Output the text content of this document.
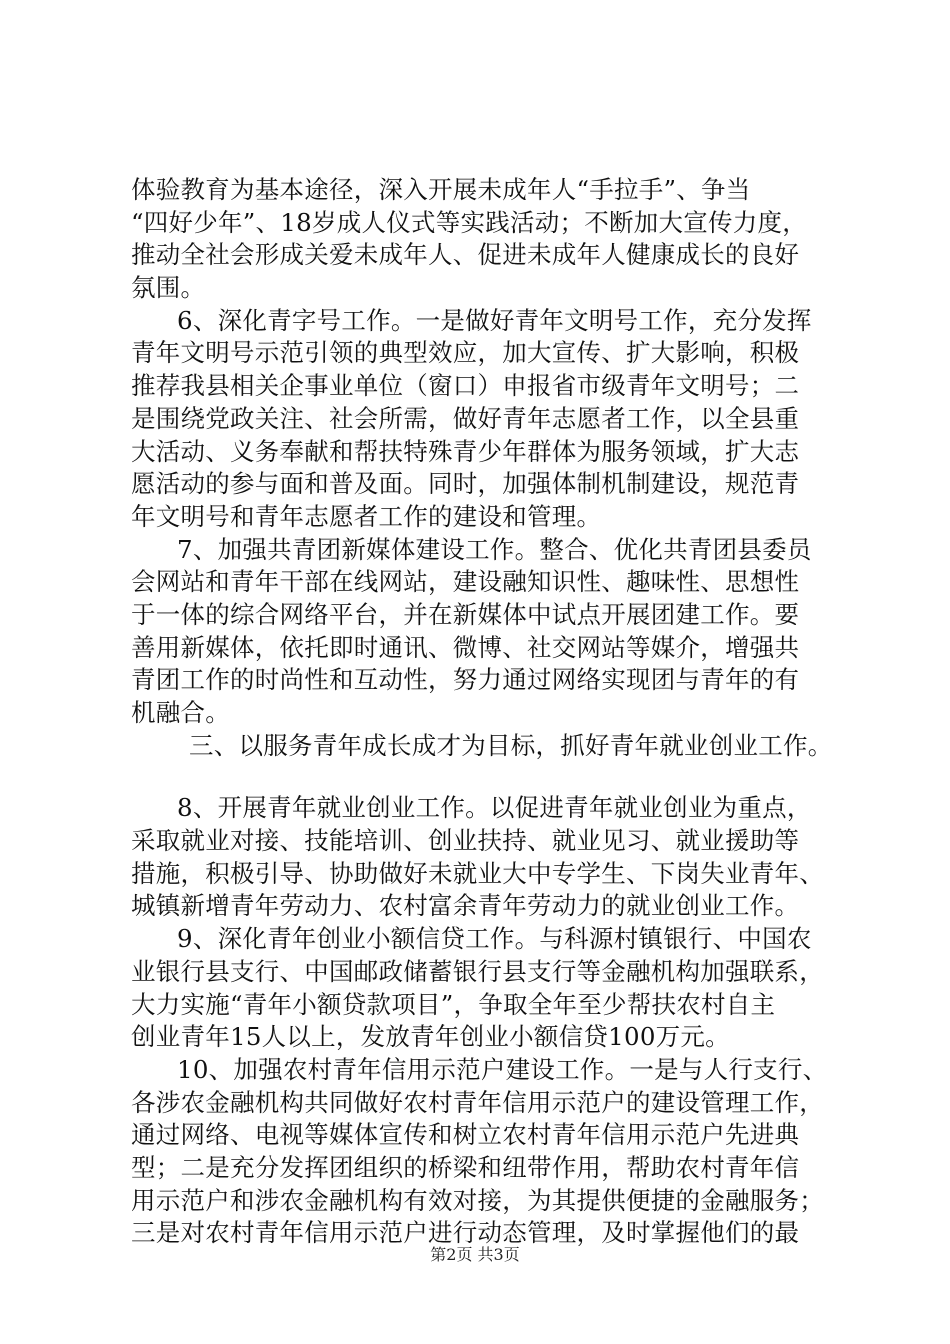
体验教育为基本途径，深入开展未成年人“手拉手”、争当
“四好少年”、18岁成人仪式等实践活动；不断加大宣传力度，
推动全社会形成关爱未成年人、促进未成年人健康成长的良好
氛围。
6、深化青字号工作。一是做好青年文明号工作，充分发挥
青年文明号示范引领的典型效应，加大宣传、扩大影响，积极
推荐我县相关企事业单位（窗口）申报省市级青年文明号；二
是围绕党政关注、社会所需，做好青年志愿者工作，以全县重
大活动、义务奉献和帮扶特殊青少年群体为服务领域，扩大志
愿活动的参与面和普及面。同时，加强体制机制建设，规范青
年文明号和青年志愿者工作的建设和管理。
7、加强共青团新媒体建设工作。整合、优化共青团县委员
会网站和青年干部在线网站，建设融知识性、趣味性、思想性
于一体的综合网络平台，并在新媒体中试点开展团建工作。要
善用新媒体，依托即时通讯、微博、社交网站等媒介，增强共
青团工作的时尚性和互动性，努力通过网络实现团与青年的有
机融合。
三、以服务青年成长成才为目标，抓好青年就业创业工作。
8、开展青年就业创业工作。以促进青年就业创业为重点，
采取就业对接、技能培训、创业扶持、就业见习、就业援助等
措施，积极引导、协助做好未就业大中专学生、下岗失业青年、
城镇新增青年劳动力、农村富余青年劳动力的就业创业工作。
9、深化青年创业小额信贷工作。与科源村镇银行、中国农
业银行县支行、中国邮政储蓄银行县支行等金融机构加强联系，
大力实施“青年小额贷款项目”，争取全年至少帮扶农村自主
创业青年15人以上，发放青年创业小额信贷100万元。
10、加强农村青年信用示范户建设工作。一是与人行支行、
各涉农金融机构共同做好农村青年信用示范户的建设管理工作，
通过网络、电视等媒体宣传和树立农村青年信用示范户先进典
型；二是充分发挥团组织的桥梁和纽带作用，帮助农村青年信
用示范户和涉农金融机构有效对接，为其提供便捷的金融服务；
三是对农村青年信用示范户进行动态管理，及时掌握他们的最
第2页 共3页
